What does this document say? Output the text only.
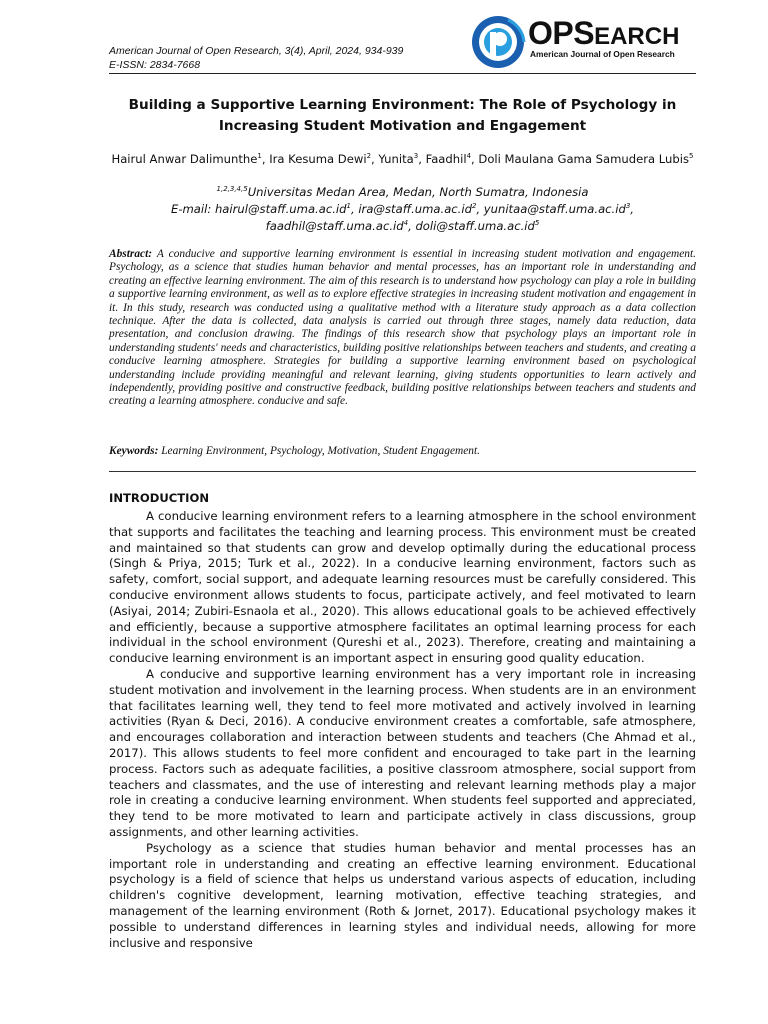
American Journal of Open Research, 3(4), April, 2024, 934-939
E-ISSN: 2834-7668
OPSEARCH
American Journal of Open Research
Building a Supportive Learning Environment: The Role of Psychology in
Increasing Student Motivation and Engagement
Hairul Anwar Dalimunthe$^1$, Ira Kesuma Dewi$^2$, Yunita$^3$, Faadhil$^4$, Doli Maulana Gama Samudera Lubis$^5$
$^{1,2,3,4,5}$Universitas Medan Area, Medan, North Sumatra, Indonesia
E-mail: $hairul@staff.uma.ac.id^1$, $ira@staff.uma.ac.id^2$, $yunitaa@staff.uma.ac.id^3$,
$faadhil@staff.uma.ac.id^4$, $doli@staff.uma.ac.id^5$
Abstract: A conducive and supportive learning environment is essential in increasing student motivation and engagement. Psychology, as a science that studies human behavior and mental processes, has an important role in understanding and creating an effective learning environment. The aim of this research is to understand how psychology can play a role in building a supportive learning environment, as well as to explore effective strategies in increasing student motivation and engagement in it. In this study, research was conducted using a qualitative method with a literature study approach as a data collection technique. After the data is collected, data analysis is carried out through three stages, namely data reduction, data presentation, and conclusion drawing. The findings of this research show that psychology plays an important role in understanding students' needs and characteristics, building positive relationships between teachers and students, and creating a conducive learning atmosphere. Strategies for building a supportive learning environment based on psychological understanding include providing meaningful and relevant learning, giving students opportunities to learn actively and independently, providing positive and constructive feedback, building positive relationships between teachers and students and creating a learning atmosphere. conducive and safe.
Keywords: Learning Environment, Psychology, Motivation, Student Engagement.
INTRODUCTION

A conducive learning environment refers to a learning atmosphere in the school environment that supports and facilitates the teaching and learning process. This environment must be created and maintained so that students can grow and develop optimally during the educational process (Singh & Priya, 2015; Turk et al., 2022). In a conducive learning environment, factors such as safety, comfort, social support, and adequate learning resources must be carefully considered. This conducive environment allows students to focus, participate actively, and feel motivated to learn (Asiyai, 2014; Zubiri-Esnaola et al., 2020). This allows educational goals to be achieved effectively and efficiently, because a supportive atmosphere facilitates an optimal learning process for each individual in the school environment (Qureshi et al., 2023). Therefore, creating and maintaining a conducive learning environment is an important aspect in ensuring good quality education.

A conducive and supportive learning environment has a very important role in increasing student motivation and involvement in the learning process. When students are in an environment that facilitates learning well, they tend to feel more motivated and actively involved in learning activities (Ryan & Deci, 2016). A conducive environment creates a comfortable, safe atmosphere, and encourages collaboration and interaction between students and teachers (Che Ahmad et al., 2017). This allows students to feel more confident and encouraged to take part in the learning process. Factors such as adequate facilities, a positive classroom atmosphere, social support from teachers and classmates, and the use of interesting and relevant learning methods play a major role in creating a conducive learning environment. When students feel supported and appreciated, they tend to be more motivated to learn and participate actively in class discussions, group assignments, and other learning activities.

Psychology as a science that studies human behavior and mental processes has an important role in understanding and creating an effective learning environment. Educational psychology is a field of science that helps us understand various aspects of education, including children's cognitive development, learning motivation, effective teaching strategies, and management of the learning environment (Roth & Jornet, 2017). Educational psychology makes it possible to understand differences in learning styles and individual needs, allowing for more inclusive and responsive
